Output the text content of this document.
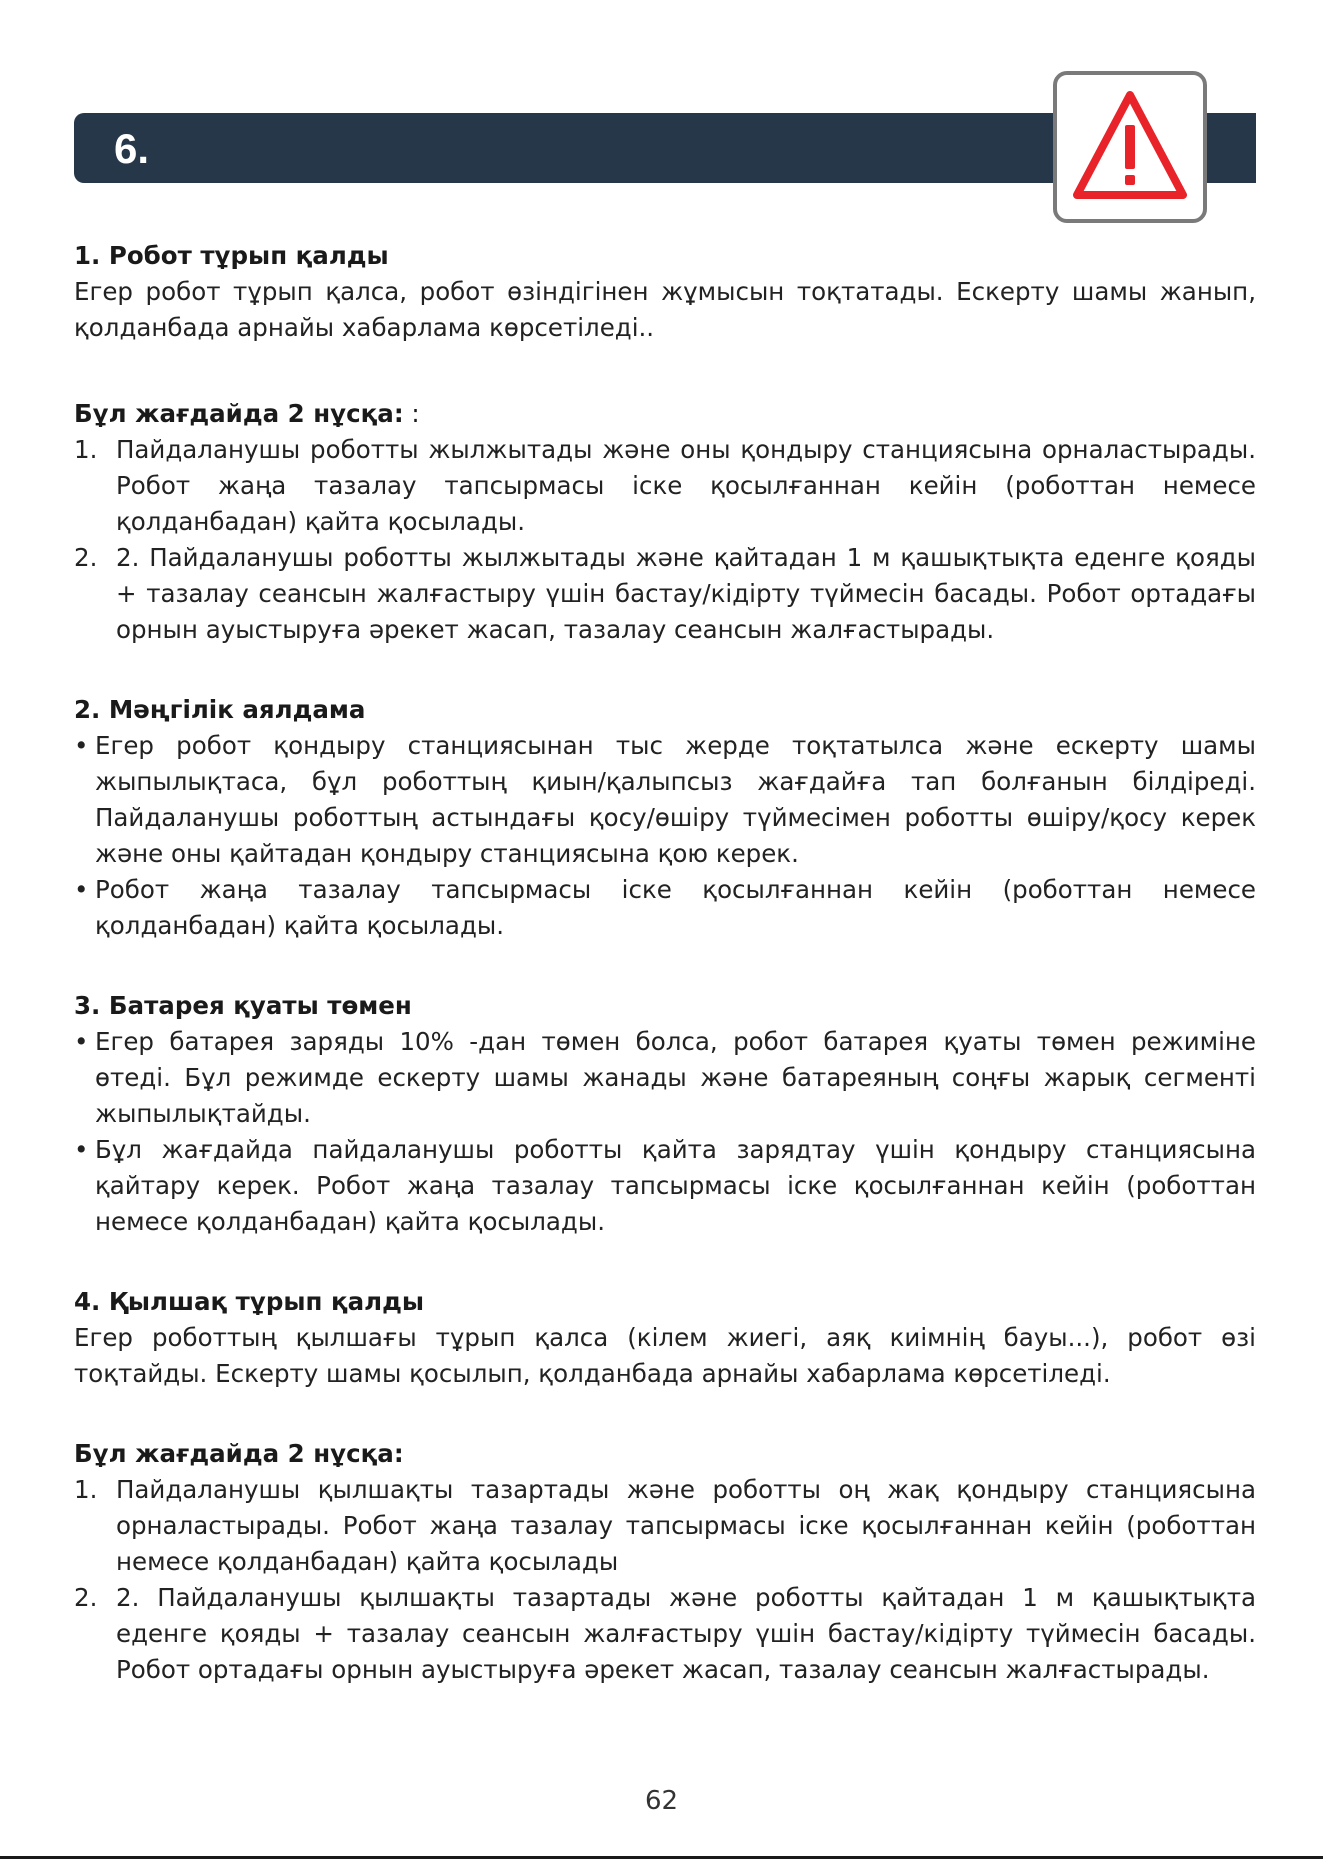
6.
1. Робот тұрып қалды

Егер робот тұрып қалса, робот өзіндігінен жұмысын тоқтатады. Ескерту шамы жанып, қолданбада арнайы хабарлама көрсетіледі..

Бұл жағдайда 2 нұсқа: :
1. Пайдаланушы роботты жылжытады және оны қондыру станциясына орналастырады. Робот жаңа тазалау тапсырмасы іске қосылғаннан кейін (роботтан немесе қолданбадан) қайта қосылады.
2. 2. Пайдаланушы роботты жылжытады және қайтадан 1 м қашықтықта еденге қояды + тазалау сеансын жалғастыру үшін бастау/кідірту түймесін басады. Робот ортадағы орнын ауыстыруға әрекет жасап, тазалау сеансын жалғастырады.
2. Мәңгілік аялдама
• Егер робот қондыру станциясынан тыс жерде тоқтатылса және ескерту шамы жыпылықтаса, бұл роботтың қиын/қалыпсыз жағдайға тап болғанын білдіреді. Пайдаланушы роботтың астындағы қосу/өшіру түймесімен роботты өшіру/қосу керек және оны қайтадан қондыру станциясына қою керек.
• Робот жаңа тазалау тапсырмасы іске қосылғаннан кейін (роботтан немесе қолданбадан) қайта қосылады.
3. Батарея қуаты төмен
• Егер батарея заряды 10% -дан төмен болса, робот батарея қуаты төмен режиміне өтеді. Бұл режимде ескерту шамы жанады және батареяның соңғы жарық сегменті жыпылықтайды.
• Бұл жағдайда пайдаланушы роботты қайта зарядтау үшін қондыру станциясына қайтару керек. Робот жаңа тазалау тапсырмасы іске қосылғаннан кейін (роботтан немесе қолданбадан) қайта қосылады.
4. Қылшақ тұрып қалды

Егер роботтың қылшағы тұрып қалса (кілем жиегі, аяқ киімнің бауы...), робот өзі тоқтайды. Ескерту шамы қосылып, қолданбада арнайы хабарлама көрсетіледі.

Бұл жағдайда 2 нұсқа:
1. Пайдаланушы қылшақты тазартады және роботты оң жақ қондыру станциясына орналастырады. Робот жаңа тазалау тапсырмасы іске қосылғаннан кейін (роботтан немесе қолданбадан) қайта қосылады
2. 2. Пайдаланушы қылшақты тазартады және роботты қайтадан 1 м қашықтықта еденге қояды + тазалау сеансын жалғастыру үшін бастау/кідірту түймесін басады. Робот ортадағы орнын ауыстыруға әрекет жасап, тазалау сеансын жалғастырады.
62
